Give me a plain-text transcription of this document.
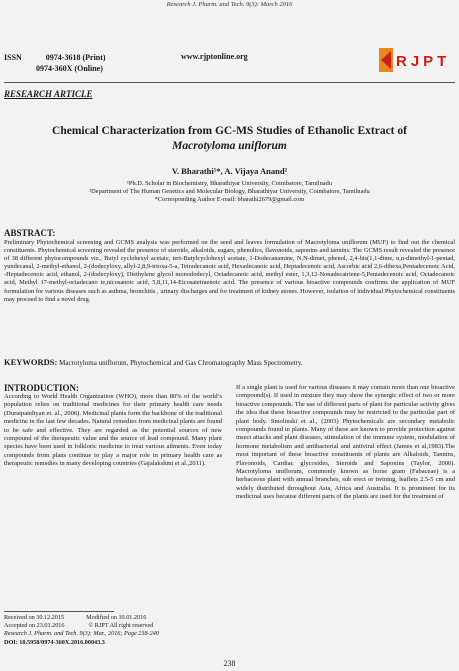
Research J. Pharm. and Tech. 9(3): March 2016
ISSN	0974-3618 (Print)
0974-360X (Online)
www.rjptonline.org	RJPT
RESEARCH ARTICLE
Chemical Characterization from GC-MS Studies of Ethanolic Extract of
Macrotyloma uniflorum
V. Bharathi¹*, A. Vijaya Anand²
¹Ph.D. Scholar in Biochemistry, Bharathiyar University, Coimbatore, Tamilnadu
²Department of The Human Genetics and Molecular Biology, Bharathiyar University, Coimbatore, Tamilnadu
*Corresponding Author E-mail: bharathi2679@gmail.com
ABSTRACT:
Preliminary Phytochemical screening and GCMS analysis was performed on the seed and leaves formulation of Macrotyloma uniflorum (MUF) to find out the chemical constituents. Phytochemical screening revealed the presence of steroids, alkaloids, sugars, phenolics, flavonoids, saponins and tannins. The GCMS result revealed the presence of 38 different phytocompounds viz., Butyl cyclohexyl acetate, tert-Butylcyclohexyl acetate, 1-Dodecanamine, N,N-dimet, phenol, 2,4-bis(1,1-dime, n,n-dimethyl-1-pentad, yundecanal, 2-methyl-ethanol, 2-(dodecyloxy, allyl-2,8,9-trioxa-5-a, Tetradecanoic acid, Hexadecanoic acid, Heptadecenoic acid, Ascorbic acid 2,6-dihexa,Pentadecenoic Acid, -Heptadecenoic acid, ethanol, 2-(dodecyloxy), Diethylene glycol monododecyl, Octadecanoic acid, methyl ester, 1,3,12-Nonadecatriene-5,Pentadecenoic acid, Octadecanoic acid, Methyl 17-methyl-octadecano te,nicosanoic acid, 5,8,11,14-Eicosatetraenoic acid. The presence of various bioactive compounds confirms the application of MUF formulation for various diseases such as asthma, bronchitis , urinary discharges and for treatment of kidney stones. However, isolation of individual Phytochemical constituents may proceed to find a novel drug.
KEYWORDS: Macrotyloma uniflorum, Phytochemical and Gas Chromatography Mass Spectrometry.
INTRODUCTION:
According to World Health Organization (WHO), more than 80% of the world’s population relies on traditional medicines for their primary health care needs (Duraipandiyan et. al., 2006). Medicinal plants form the backbone of the traditional medicine in the last few decades. Natural remedies from medicinal plants are found to be safe and effective. They are regarded as the potential sources of new compound of the therapeutic value and the source of lead compound. Many plant species have been used in folkloric medicine to treat various ailments. Even today compounds from plans continue to play a major role in primary health care as therapeutic remedies in many developing countries (Gajalakshmi et al.,2011).
If a single plant is used for various diseases it may contain more than one bioactive compound(s). If used in mixture they may show the synergic effect of two or more bioactive compounds. The use of different parts of plant for particular activity gives the idea that these bioactive compounds may be restricted to the particular part of plant body. Smolinski et al., (2003) Phytochemicals are secondary metabolic compounds found in plants. Many of these are known to provide protection against insect attacks and plant diseases, stimulation of the immune system, modulation of hormone metabolism and antibacterial and antiviral effect (James et al,1983).The most important of these bioactive constituents of plants are Alkaloids, Tannins, Flavonoids, Cardiac glycosides, Steroids and Saponins (Taylor, 2000). Macrotyloma uniflorum, commonly known as horse gram (Fabaceae) is a herbaceous plant with annual branches, sub erect or twining, leaflets 2.5-5 cm and widely distributed throughout Asia, Africa and Australia. It is prominent for its medicinal uses because different parts of the plants are used for the treatment of
Received on 30.12.2015	Modified on 10.01.2016
Accepted on 23.01.2016	© RJPT All right reserved
Research J. Pharm. and Tech. 9(3): Mar., 2016; Page 238-240
DOI: 10.5958/0974-360X.2016.00043.3
238
